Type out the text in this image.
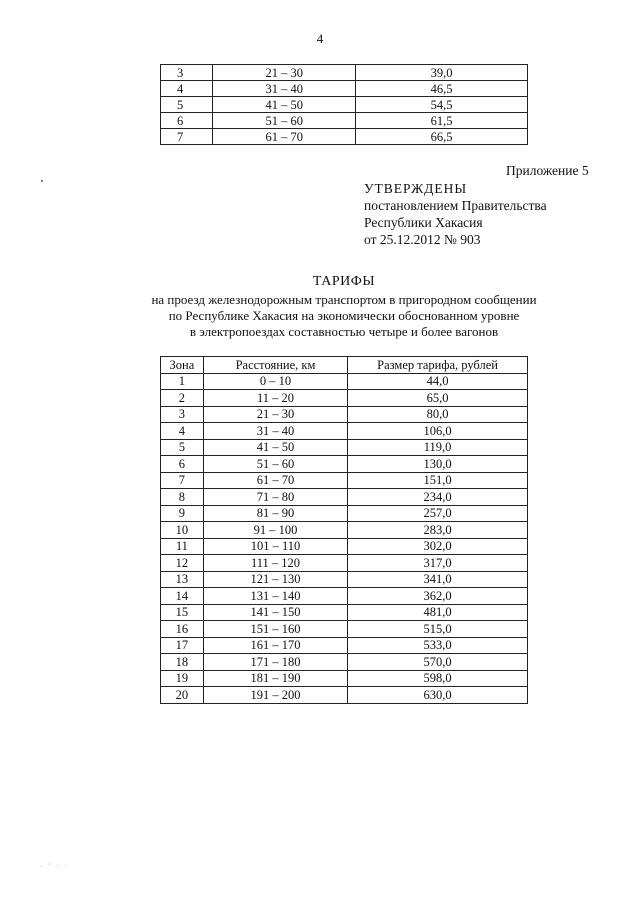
4
3	21 – 30	39,0
4	31 – 40	46,5
5	41 – 50	54,5
6	51 – 60	61,5
7	61 – 70	66,5
Приложение 5
УТВЕРЖДЕНЫ
постановлением Правительства
Республики Хакасия
от 25.12.2012 № 903
ТАРИФЫ
на проезд железнодорожным транспортом в пригородном сообщении
по Республике Хакасия на экономически обоснованном уровне
в электропоездах составностью четыре и более вагонов
Зона	Расстояние, км	Размер тарифа, рублей
1	0 – 10	44,0
2	11 – 20	65,0
3	21 – 30	80,0
4	31 – 40	106,0
5	41 – 50	119,0
6	51 – 60	130,0
7	61 – 70	151,0
8	71 – 80	234,0
9	81 – 90	257,0
10	91 – 100	283,0
11	101 – 110	302,0
12	111 – 120	317,0
13	121 – 130	341,0
14	131 – 140	362,0
15	141 – 150	481,0
16	151 – 160	515,0
17	161 – 170	533,0
18	171 – 180	570,0
19	181 – 190	598,0
20	191 – 200	630,0
· ' · ·
